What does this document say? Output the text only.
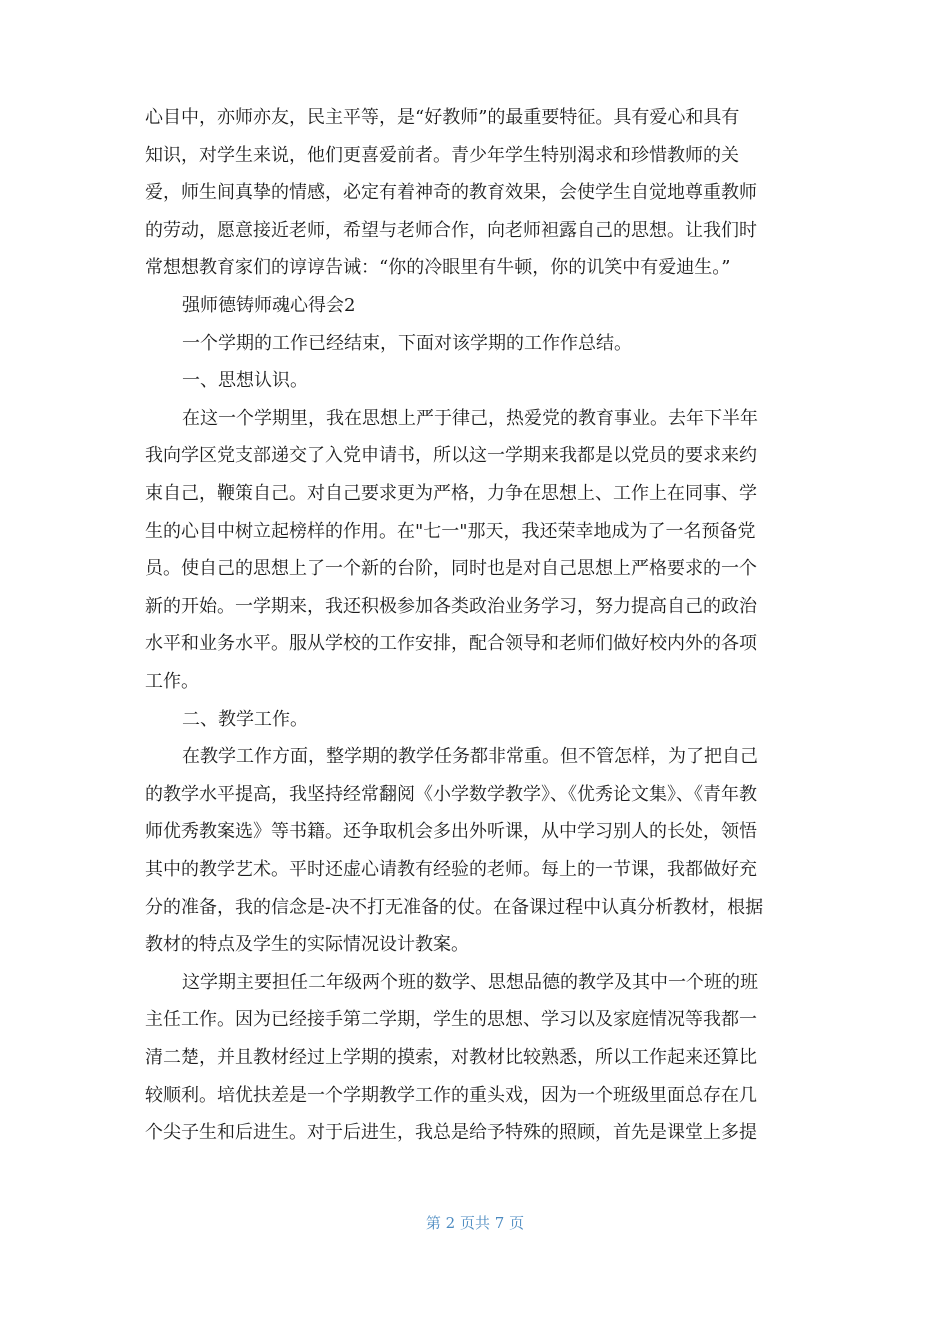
心目中，亦师亦友，民主平等，是“好教师”的最重要特征。具有爱心和具有
知识，对学生来说，他们更喜爱前者。青少年学生特别渴求和珍惜教师的关
爱，师生间真挚的情感，必定有着神奇的教育效果，会使学生自觉地尊重教师
的劳动，愿意接近老师，希望与老师合作，向老师袒露自己的思想。让我们时
常想想教育家们的谆谆告诫：“你的冷眼里有牛顿，你的讥笑中有爱迪生。”
强师德铸师魂心得会2
一个学期的工作已经结束，下面对该学期的工作作总结。
一、思想认识。
在这一个学期里，我在思想上严于律己，热爱党的教育事业。去年下半年
我向学区党支部递交了入党申请书，所以这一学期来我都是以党员的要求来约
束自己，鞭策自己。对自己要求更为严格，力争在思想上、工作上在同事、学
生的心目中树立起榜样的作用。在"七一"那天，我还荣幸地成为了一名预备党
员。使自己的思想上了一个新的台阶，同时也是对自己思想上严格要求的一个
新的开始。一学期来，我还积极参加各类政治业务学习，努力提高自己的政治
水平和业务水平。服从学校的工作安排，配合领导和老师们做好校内外的各项
工作。
二、教学工作。
在教学工作方面，整学期的教学任务都非常重。但不管怎样，为了把自己
的教学水平提高，我坚持经常翻阅《小学数学教学》、《优秀论文集》、《青年教
师优秀教案选》等书籍。还争取机会多出外听课，从中学习别人的长处，领悟
其中的教学艺术。平时还虚心请教有经验的老师。每上的一节课，我都做好充
分的准备，我的信念是-决不打无准备的仗。在备课过程中认真分析教材，根据
教材的特点及学生的实际情况设计教案。
这学期主要担任二年级两个班的数学、思想品德的教学及其中一个班的班
主任工作。因为已经接手第二学期，学生的思想、学习以及家庭情况等我都一
清二楚，并且教材经过上学期的摸索，对教材比较熟悉，所以工作起来还算比
较顺利。培优扶差是一个学期教学工作的重头戏，因为一个班级里面总存在几
个尖子生和后进生。对于后进生，我总是给予特殊的照顾，首先是课堂上多提
第 2 页共 7 页
